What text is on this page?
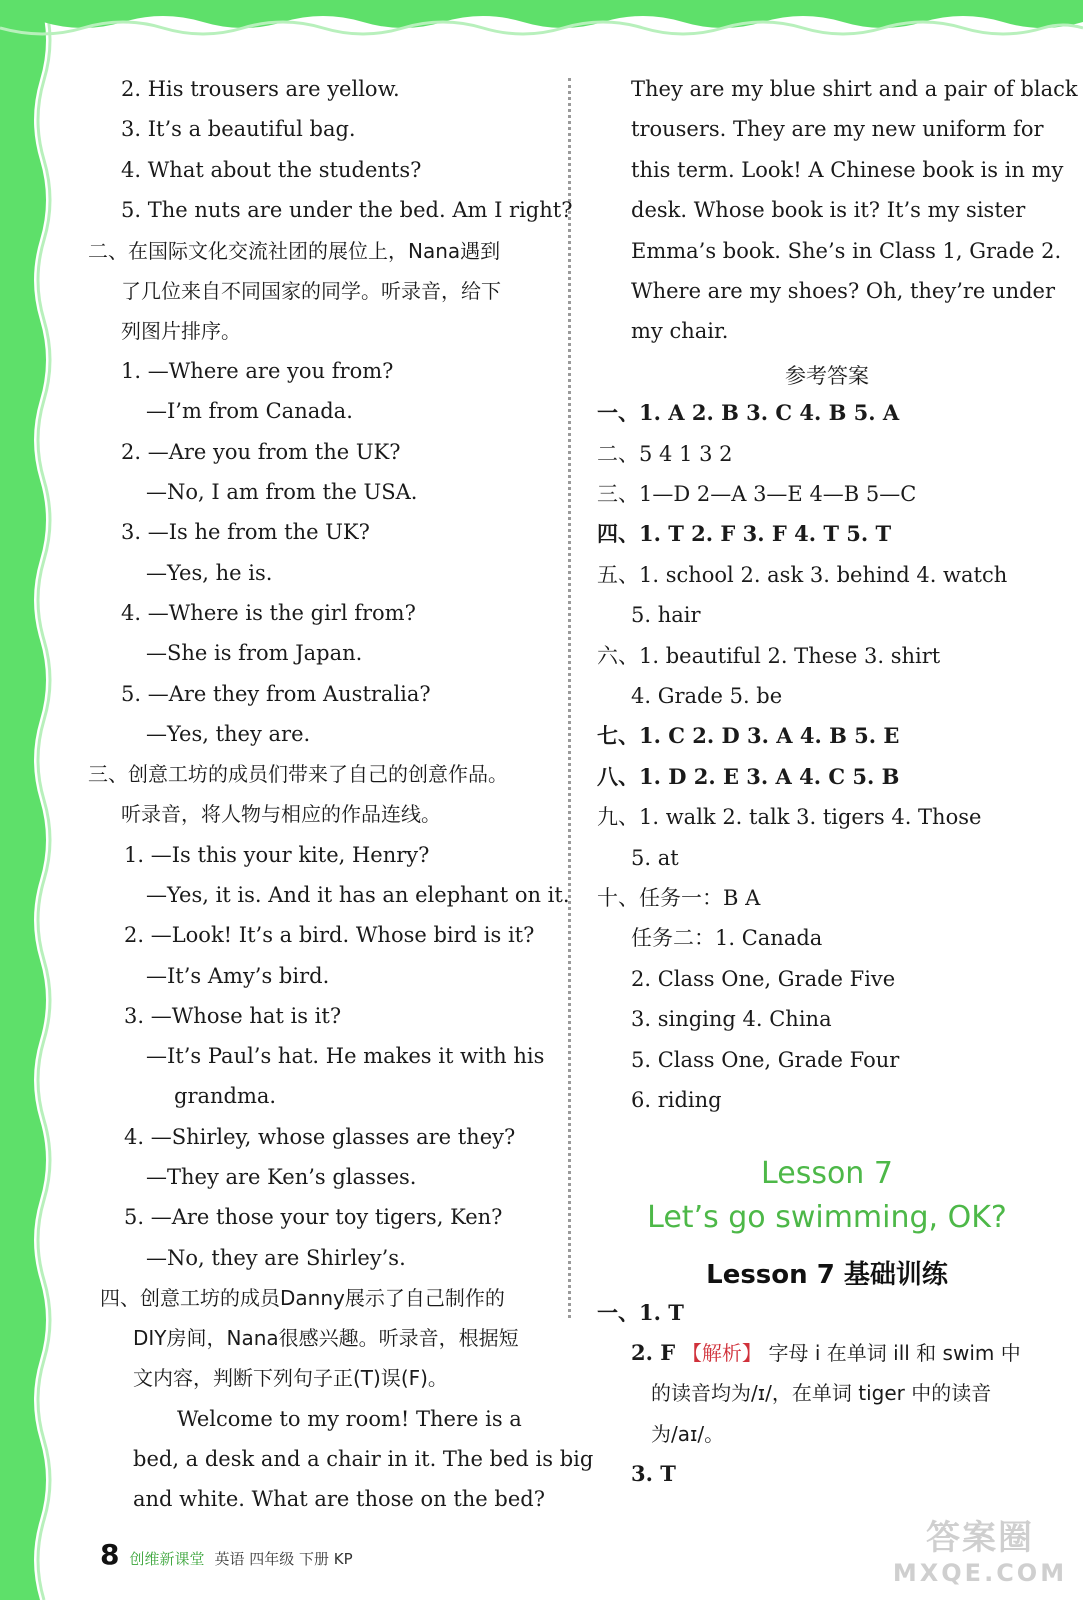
2. His trousers are yellow.
3. It’s a beautiful bag.
4. What about the students?
5. The nuts are under the bed. Am I right?
二、在国际文化交流社团的展位上，Nana遇到
了几位来自不同国家的同学。听录音，给下
列图片排序。
1. —Where are you from?
—I’m from Canada.
2. —Are you from the UK?
—No, I am from the USA.
3. —Is he from the UK?
—Yes, he is.
4. —Where is the girl from?
—She is from Japan.
5. —Are they from Australia?
—Yes, they are.
三、创意工坊的成员们带来了自己的创意作品。
听录音，将人物与相应的作品连线。
1. —Is this your kite, Henry?
—Yes, it is. And it has an elephant on it.
2. —Look! It’s a bird. Whose bird is it?
—It’s Amy’s bird.
3. —Whose hat is it?
—It’s Paul’s hat. He makes it with his
grandma.
4. —Shirley, whose glasses are they?
—They are Ken’s glasses.
5. —Are those your toy tigers, Ken?
—No, they are Shirley’s.
四、创意工坊的成员Danny展示了自己制作的
DIY房间，Nana很感兴趣。听录音，根据短
文内容，判断下列句子正(T)误(F)。
Welcome to my room! There is a
bed, a desk and a chair in it. The bed is big
and white. What are those on the bed?
They are my blue shirt and a pair of black
trousers. They are my new uniform for
this term. Look! A Chinese book is in my
desk. Whose book is it? It’s my sister
Emma’s book. She’s in Class 1, Grade 2.
Where are my shoes? Oh, they’re under
my chair.
参考答案
一、1. A 2. B 3. C 4. B 5. A
二、5 4 1 3 2
三、1—D 2—A 3—E 4—B 5—C
四、1. T 2. F 3. F 4. T 5. T
五、1. school 2. ask 3. behind 4. watch
5. hair
六、1. beautiful 2. These 3. shirt
4. Grade 5. be
七、1. C 2. D 3. A 4. B 5. E
八、1. D 2. E 3. A 4. C 5. B
九、1. walk 2. talk 3. tigers 4. Those
5. at
十、任务一：B A
任务二：1. Canada
2. Class One, Grade Five
3. singing 4. China
5. Class One, Grade Four
6. riding
Lesson 7
Let’s go swimming, OK?
Lesson 7 基础训练
一、1. T
2. F 【解析】 字母 i 在单词 ill 和 swim 中
的读音均为/ɪ/，在单词 tiger 中的读音
为/aɪ/。
3. T
8 创维新课堂 英语 四年级 下册 KP
答案圈
MXQE.COM
